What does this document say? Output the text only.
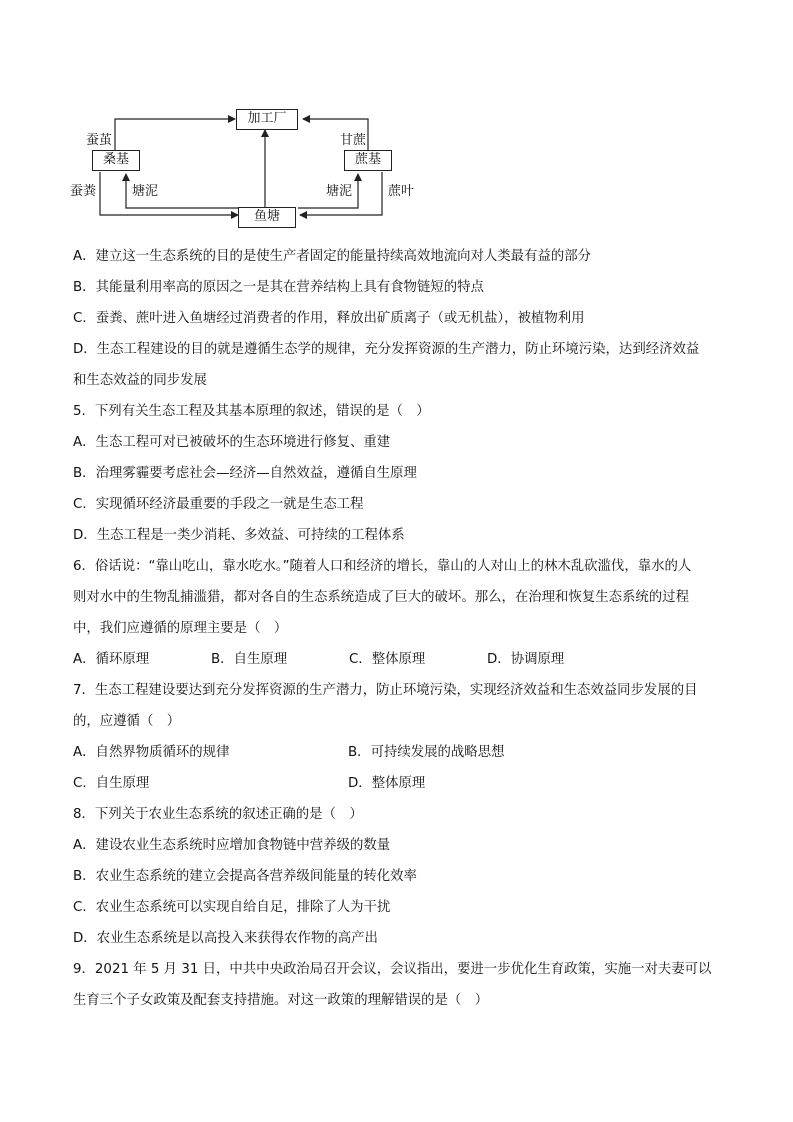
加工厂
桑基	蔗基
鱼塘
蚕茧	甘蔗
蚕粪	塘泥	塘泥	蔗叶
A．建立这一生态系统的目的是使生产者固定的能量持续高效地流向对人类最有益的部分
B．其能量利用率高的原因之一是其在营养结构上具有食物链短的特点
C．蚕粪、蔗叶进入鱼塘经过消费者的作用，释放出矿质离子（或无机盐），被植物利用
D．生态工程建设的目的就是遵循生态学的规律，充分发挥资源的生产潜力，防止环境污染，达到经济效益
和生态效益的同步发展
5．下列有关生态工程及其基本原理的叙述，错误的是（　）
A．生态工程可对已被破坏的生态环境进行修复、重建
B．治理雾霾要考虑社会—经济—自然效益，遵循自生原理
C．实现循环经济最重要的手段之一就是生态工程
D．生态工程是一类少消耗、多效益、可持续的工程体系
6．俗话说：“靠山吃山，靠水吃水。”随着人口和经济的增长，靠山的人对山上的林木乱砍滥伐，靠水的人
则对水中的生物乱捕滥猎，都对各自的生态系统造成了巨大的破坏。那么，在治理和恢复生态系统的过程
中，我们应遵循的原理主要是（　）
A．循环原理	B．自生原理	C．整体原理	D．协调原理
7．生态工程建设要达到充分发挥资源的生产潜力，防止环境污染，实现经济效益和生态效益同步发展的目
的，应遵循（　）
A．自然界物质循环的规律	B．可持续发展的战略思想
C．自生原理	D．整体原理
8．下列关于农业生态系统的叙述正确的是（　）
A．建设农业生态系统时应增加食物链中营养级的数量
B．农业生态系统的建立会提高各营养级间能量的转化效率
C．农业生态系统可以实现自给自足，排除了人为干扰
D．农业生态系统是以高投入来获得农作物的高产出
9．2021 年 5 月 31 日，中共中央政治局召开会议，会议指出，要进一步优化生育政策，实施一对夫妻可以
生育三个子女政策及配套支持措施。对这一政策的理解错误的是（　）
